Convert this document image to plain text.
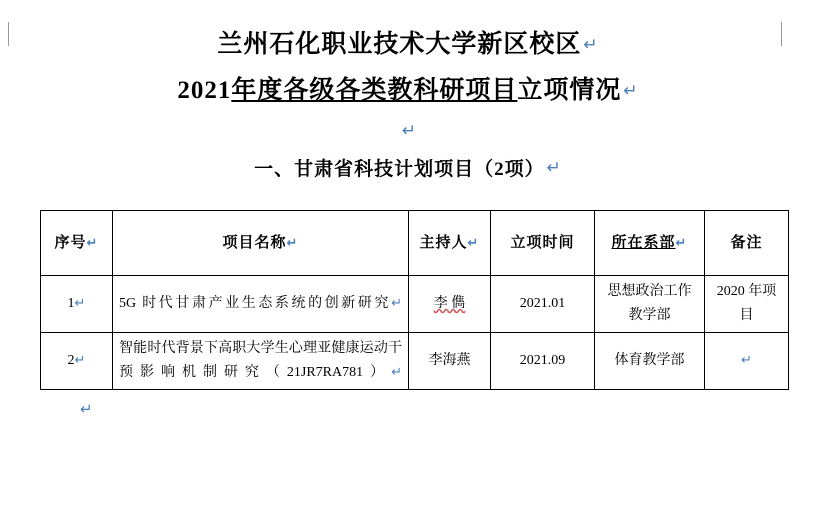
兰州石化职业技术大学新区校区 ↵
2021年度各级各类教科研项目立项情况 ↵
↵
一、甘肃省科技计划项目（2项） ↵
序号↵	项目名称↵	主持人↵	立项时间	所在系部↵	备注
1↵	5G 时代甘肃产业生态系统的创新研究↵	李 儁	2021.01	思想政治工作教学部	2020 年项目
2↵	智能时代背景下高职大学生心理亚健康运动干预影响机制研究（21JR7RA781）↵	李海燕	2021.09	体育教学部	↵
↵
